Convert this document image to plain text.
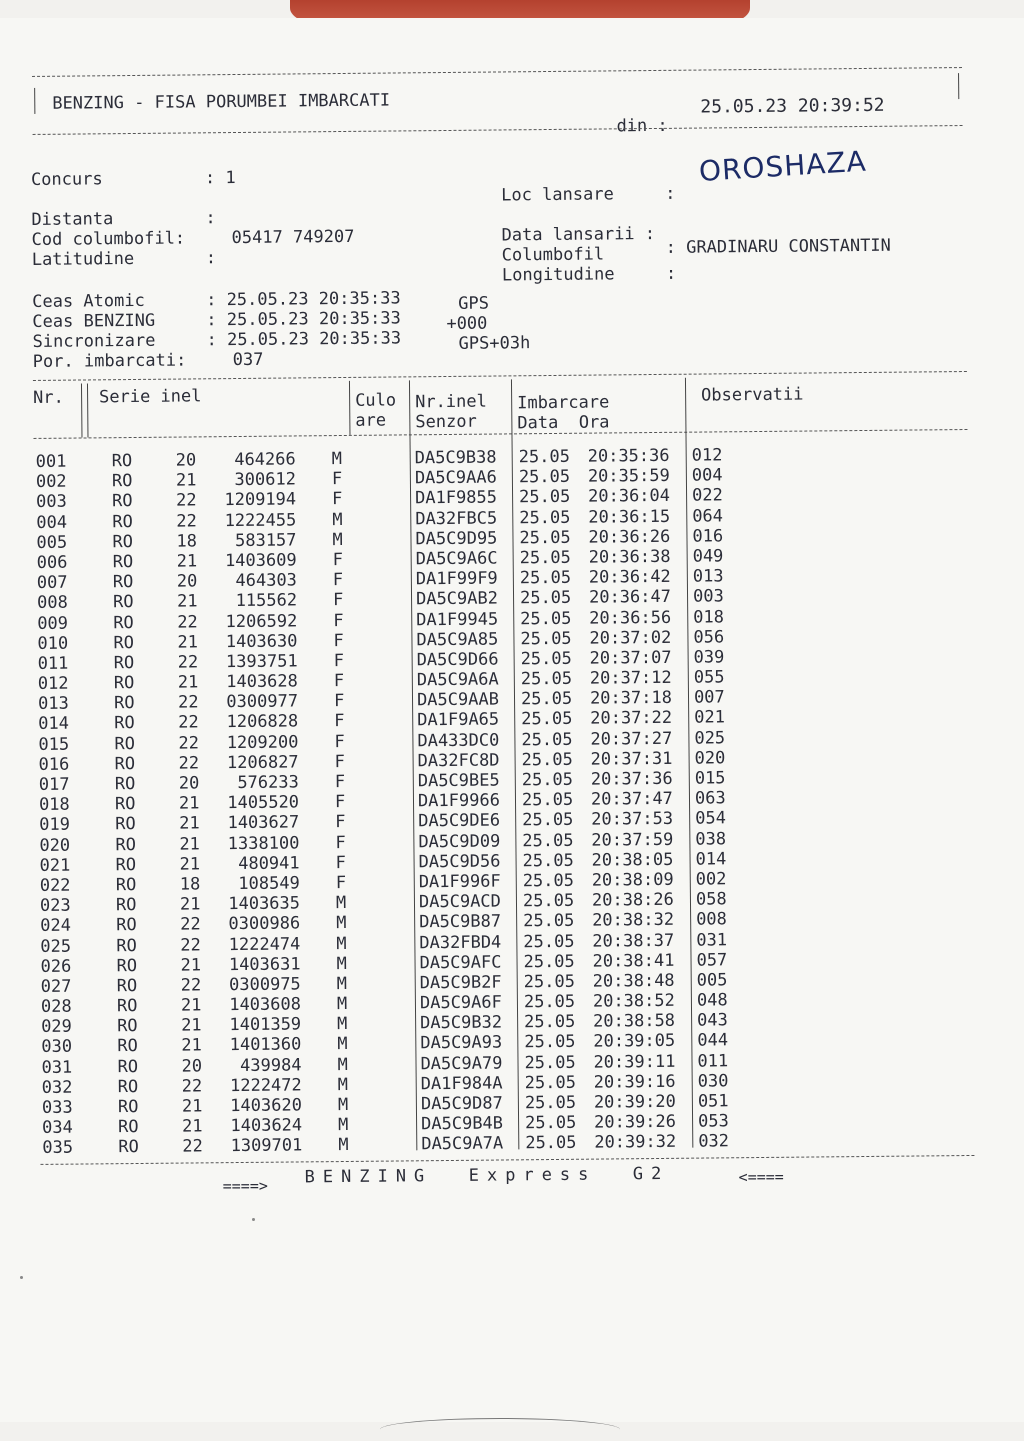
BENZING - FISA PORUMBEI IMBARCATI
din :
25.05.23 20:39:52
Concurs	: 1
Loc lansare	:
OROSHAZA
Distanta	:
Cod columbofil:	05417 749207
Latitudine	:
Data lansarii :
Columbofil	: GRADINARU CONSTANTIN
Longitudine	:
Ceas Atomic	: 25.05.23 20:35:33	GPS
Ceas BENZING	: 25.05.23 20:35:33	+000
Sincronizare	: 25.05.23 20:35:33	GPS+03h
Por. imbarcati:	037
Nr. Serie inel	Culo
are
Nr.inel
Senzor
Imbarcare
Data  Ora
Observatii
001	RO	20	464266 M	DA5C9B38 25.05 20:35:36 012
002	RO	21	300612 F	DA5C9AA6 25.05 20:35:59 004
003	RO	22	1209194 F	DA1F9855 25.05 20:36:04 022
004	RO	22	1222455 M	DA32FBC5 25.05 20:36:15 064
005	RO	18	583157 M	DA5C9D95 25.05 20:36:26 016
006	RO	21	1403609 F	DA5C9A6C 25.05 20:36:38 049
007	RO	20	464303 F	DA1F99F9 25.05 20:36:42 013
008	RO	21	115562 F	DA5C9AB2 25.05 20:36:47 003
009	RO	22	1206592 F	DA1F9945 25.05 20:36:56 018
010	RO	21	1403630 F	DA5C9A85 25.05 20:37:02 056
011	RO	22	1393751 F	DA5C9D66 25.05 20:37:07 039
012	RO	21	1403628 F	DA5C9A6A 25.05 20:37:12 055
013	RO	22	0300977 F	DA5C9AAB 25.05 20:37:18 007
014	RO	22	1206828 F	DA1F9A65 25.05 20:37:22 021
015	RO	22	1209200 F	DA433DC0 25.05 20:37:27 025
016	RO	22	1206827 F	DA32FC8D 25.05 20:37:31 020
017	RO	20	576233 F	DA5C9BE5 25.05 20:37:36 015
018	RO	21	1405520 F	DA1F9966 25.05 20:37:47 063
019	RO	21	1403627 F	DA5C9DE6 25.05 20:37:53 054
020	RO	21	1338100 F	DA5C9D09 25.05 20:37:59 038
021	RO	21	480941 F	DA5C9D56 25.05 20:38:05 014
022	RO	18	108549 F	DA1F996F 25.05 20:38:09 002
023	RO	21	1403635 M	DA5C9ACD 25.05 20:38:26 058
024	RO	22	0300986 M	DA5C9B87 25.05 20:38:32 008
025	RO	22	1222474 M	DA32FBD4 25.05 20:38:37 031
026	RO	21	1403631 M	DA5C9AFC 25.05 20:38:41 057
027	RO	22	0300975 M	DA5C9B2F 25.05 20:38:48 005
028	RO	21	1403608 M	DA5C9A6F 25.05 20:38:52 048
029	RO	21	1401359 M	DA5C9B32 25.05 20:38:58 043
030	RO	21	1401360 M	DA5C9A93 25.05 20:39:05 044
031	RO	20	439984 M	DA5C9A79 25.05 20:39:11 011
032	RO	22	1222472 M	DA1F984A 25.05 20:39:16 030
033	RO	21	1403620 M	DA5C9D87 25.05 20:39:20 051
034	RO	21	1403624 M	DA5C9B4B 25.05 20:39:26 053
035	RO	22	1309701 M	DA5C9A7A 25.05 20:39:32 032
====> BENZING  Express  G2	<====
